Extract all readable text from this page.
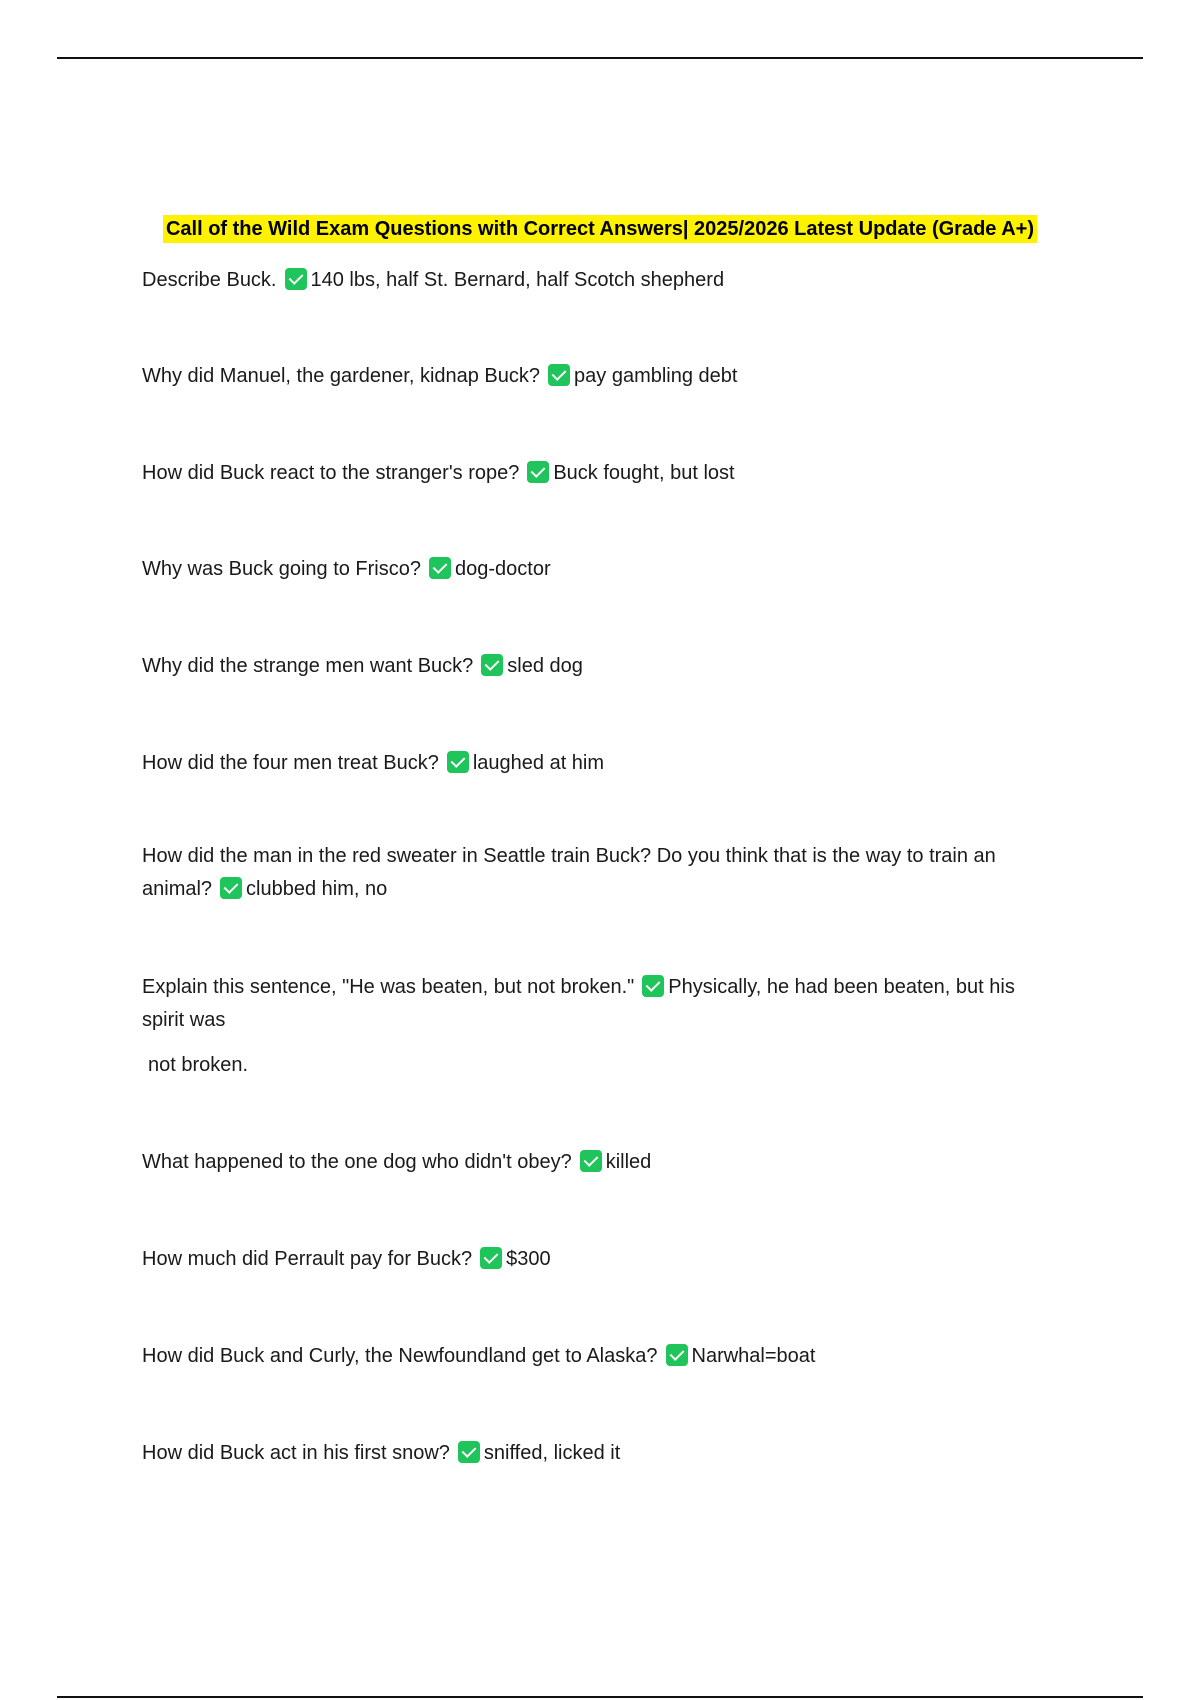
Call of the Wild Exam Questions with Correct Answers| 2025/2026 Latest Update (Grade A+)
Describe Buck. 140 lbs, half St. Bernard, half Scotch shepherd
Why did Manuel, the gardener, kidnap Buck? pay gambling debt
How did Buck react to the stranger's rope? Buck fought, but lost
Why was Buck going to Frisco? dog-doctor
Why did the strange men want Buck? sled dog
How did the four men treat Buck? laughed at him
How did the man in the red sweater in Seattle train Buck? Do you think that is the way to train an animal? clubbed him, no
Explain this sentence, "He was beaten, but not broken." Physically, he had been beaten, but his spirit was
not broken.
What happened to the one dog who didn't obey? killed
How much did Perrault pay for Buck? $300
How did Buck and Curly, the Newfoundland get to Alaska? Narwhal=boat
How did Buck act in his first snow? sniffed, licked it
